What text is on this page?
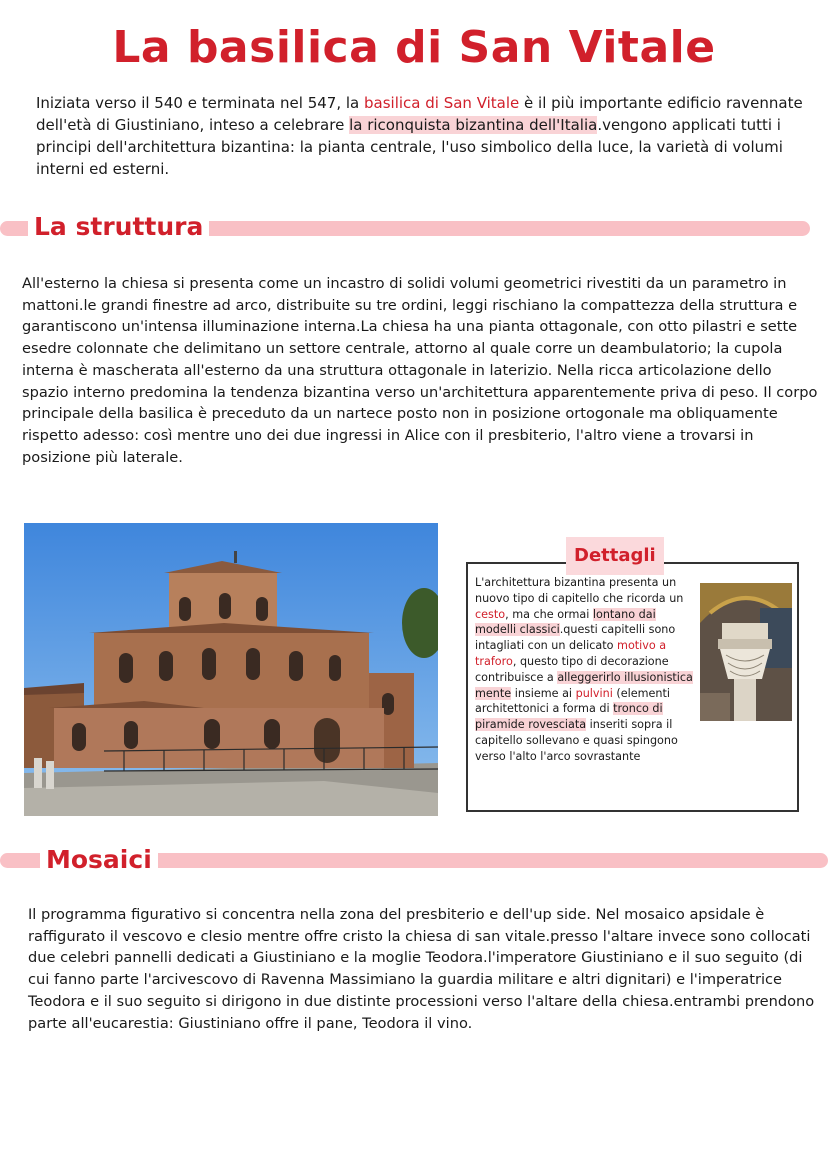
La basilica di San Vitale

Iniziata verso il 540 e terminata nel 547, la basilica di San Vitale è il più importante edificio ravennate dell'età di Giustiniano, inteso a celebrare la riconquista bizantina dell'Italia.vengono applicati tutti i principi dell'architettura bizantina: la pianta centrale, l'uso simbolico della luce, la varietà di volumi interni ed esterni.

La struttura

All'esterno la chiesa si presenta come un incastro di solidi volumi geometrici rivestiti da un parametro in mattoni.le grandi finestre ad arco, distribuite su tre ordini, leggi rischiano la compattezza della struttura e garantiscono un'intensa illuminazione interna.La chiesa ha una pianta ottagonale, con otto pilastri e sette esedre colonnate che delimitano un settore centrale, attorno al quale corre un deambulatorio; la cupola interna è mascherata all'esterno da una struttura ottagonale in laterizio. Nella ricca articolazione dello spazio interno predomina la tendenza bizantina verso un'architettura apparentemente priva di peso. Il corpo principale della basilica è preceduto da un nartece posto non in posizione ortogonale ma obliquamente rispetto adesso: così mentre uno dei due ingressi in Alice con il presbiterio, l'altro viene a trovarsi in posizione più laterale.

Dettagli

L'architettura bizantina presenta un nuovo tipo di capitello che ricorda un cesto, ma che ormai lontano dai modelli classici.questi capitelli sono intagliati con un delicato motivo a traforo, questo tipo di decorazione contribuisce a alleggerirlo illusionistica mente insieme ai pulvini (elementi architettonici a forma di tronco di piramide rovesciata inseriti sopra il capitello sollevano e quasi spingono verso l'alto l'arco sovrastante

Mosaici

Il programma figurativo si concentra nella zona del presbiterio e dell'up side. Nel mosaico apsidale è raffigurato il vescovo e clesio mentre offre cristo la chiesa di san vitale.presso l'altare invece sono collocati due celebri pannelli dedicati a Giustiniano e la moglie Teodora.l'imperatore Giustiniano e il suo seguito (di cui fanno parte l'arcivescovo di Ravenna Massimiano la guardia militare e altri dignitari) e l'imperatrice Teodora e il suo seguito si dirigono in due distinte processioni verso l'altare della chiesa.entrambi prendono parte all'eucarestia: Giustiniano offre il pane, Teodora il vino.
